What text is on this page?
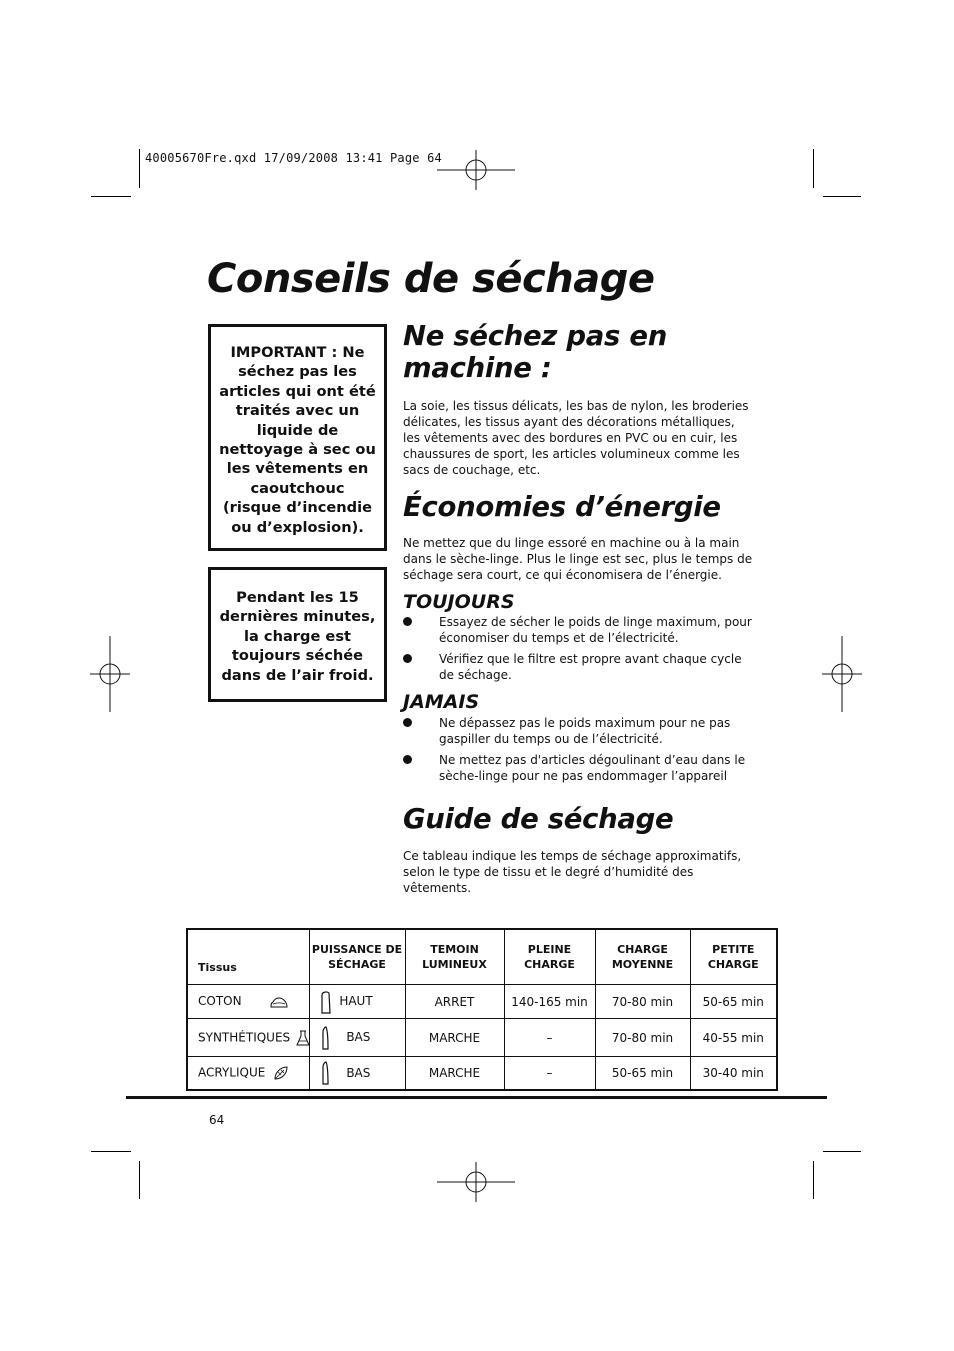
40005670Fre.qxd 17/09/2008 13:41 Page 64
Conseils de séchage

IMPORTANT : Ne séchez pas les articles qui ont été traités avec un liquide de nettoyage à sec ou les vêtements en caoutchouc (risque d’incendie ou d’explosion).

Pendant les 15 dernières minutes, la charge est toujours séchée dans de l’air froid.

Ne séchez pas en machine :

La soie, les tissus délicats, les bas de nylon, les broderies délicates, les tissus ayant des décorations métalliques, les vêtements avec des bordures en PVC ou en cuir, les chaussures de sport, les articles volumineux comme les sacs de couchage, etc.

Économies d’énergie

Ne mettez que du linge essoré en machine ou à la main dans le sèche-linge. Plus le linge est sec, plus le temps de séchage sera court, ce qui économisera de l’énergie.

TOUJOURS
Essayez de sécher le poids de linge maximum, pour économiser du temps et de l’électricité.
Vérifiez que le filtre est propre avant chaque cycle de séchage.
JAMAIS
Ne dépassez pas le poids maximum pour ne pas gaspiller du temps ou de l’électricité.
Ne mettez pas d'articles dégoulinant d’eau dans le sèche-linge pour ne pas endommager l’appareil
Guide de séchage

Ce tableau indique les temps de séchage approximatifs, selon le type de tissu et le degré d’humidité des vêtements.

Tissus	PUISSANCE DE SÉCHAGE	TEMOIN LUMINEUX	PLEINE CHARGE	CHARGE MOYENNE	PETITE CHARGE
COTON	HAUT	ARRET	140-165 min	70-80 min	50-65 min
SYNTHÉTIQUES	BAS	MARCHE	–	70-80 min	40-55 min
ACRYLIQUE	BAS	MARCHE	–	50-65 min	30-40 min
64
